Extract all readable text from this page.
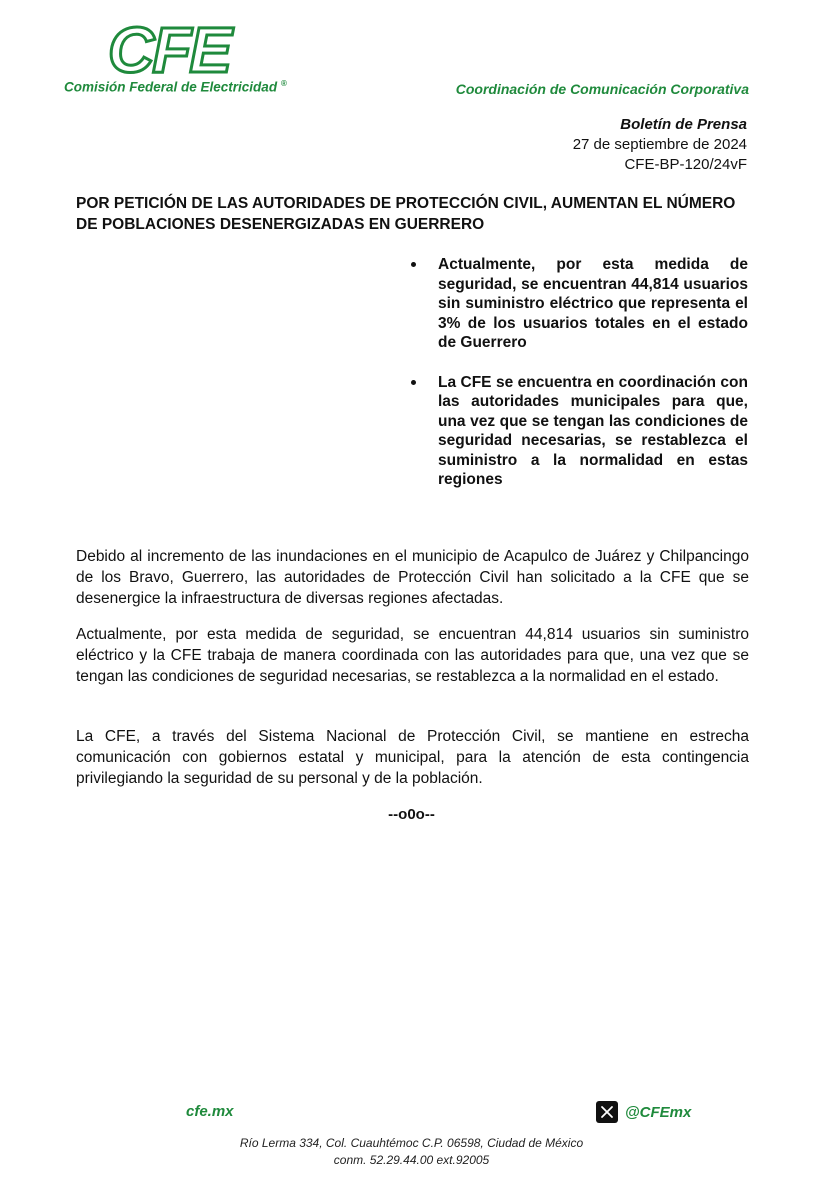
CFE
Comisión Federal de Electricidad ®	Coordinación de Comunicación Corporativa
Boletín de Prensa
27 de septiembre de 2024
CFE-BP-120/24vF
POR PETICIÓN DE LAS AUTORIDADES DE PROTECCIÓN CIVIL, AUMENTAN EL NÚMERO DE POBLACIONES DESENERGIZADAS EN GUERRERO
Actualmente, por esta medida de seguridad, se encuentran 44,814 usuarios sin suministro eléctrico que representa el 3% de los usuarios totales en el estado de Guerrero
La CFE se encuentra en coordinación con las autoridades municipales para que, una vez que se tengan las condiciones de seguridad necesarias, se restablezca el suministro a la normalidad en estas regiones

Debido al incremento de las inundaciones en el municipio de Acapulco de Juárez y Chilpancingo de los Bravo, Guerrero, las autoridades de Protección Civil han solicitado a la CFE que se desenergice la infraestructura de diversas regiones afectadas.

Actualmente, por esta medida de seguridad, se encuentran 44,814 usuarios sin suministro eléctrico y la CFE trabaja de manera coordinada con las autoridades para que, una vez que se tengan las condiciones de seguridad necesarias, se restablezca a la normalidad en el estado.

La CFE, a través del Sistema Nacional de Protección Civil, se mantiene en estrecha comunicación con gobiernos estatal y municipal, para la atención de esta contingencia privilegiando la seguridad de su personal y de la población.

--o0o--
cfe.mx	@CFEmx
Río Lerma 334, Col. Cuauhtémoc C.P. 06598, Ciudad de México
conm. 52.29.44.00 ext.92005
